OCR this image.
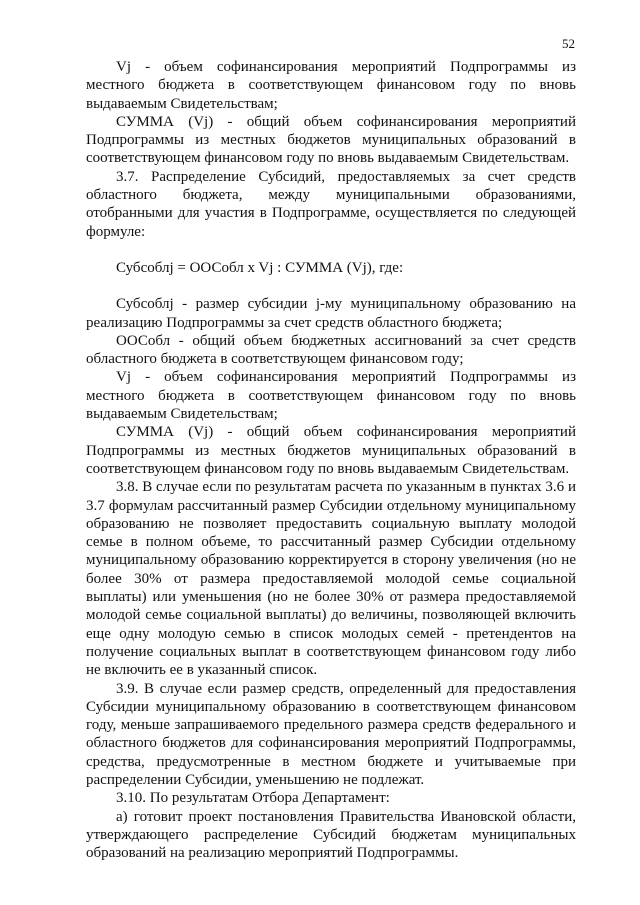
52

Vj - объем софинансирования мероприятий Подпрограммы из местного бюджета в соответствующем финансовом году по вновь выдаваемым Свидетельствам;

СУММА (Vj) - общий объем софинансирования мероприятий Подпрограммы из местных бюджетов муниципальных образований в соответствующем финансовом году по вновь выдаваемым Свидетельствам.

3.7. Распределение Субсидий, предоставляемых за счет средств областного бюджета, между муниципальными образованиями, отобранными для участия в Подпрограмме, осуществляется по следующей формуле:

Субсоблj = ООСобл x Vj : СУММА (Vj), где:

Субсоблj - размер субсидии j-му муниципальному образованию на реализацию Подпрограммы за счет средств областного бюджета;

ООСобл - общий объем бюджетных ассигнований за счет средств областного бюджета в соответствующем финансовом году;

Vj - объем софинансирования мероприятий Подпрограммы из местного бюджета в соответствующем финансовом году по вновь выдаваемым Свидетельствам;

СУММА (Vj) - общий объем софинансирования мероприятий Подпрограммы из местных бюджетов муниципальных образований в соответствующем финансовом году по вновь выдаваемым Свидетельствам.

3.8. В случае если по результатам расчета по указанным в пунктах 3.6 и 3.7 формулам рассчитанный размер Субсидии отдельному муниципальному образованию не позволяет предоставить социальную выплату молодой семье в полном объеме, то рассчитанный размер Субсидии отдельному муниципальному образованию корректируется в сторону увеличения (но не более 30% от размера предоставляемой молодой семье социальной выплаты) или уменьшения (но не более 30% от размера предоставляемой молодой семье социальной выплаты) до величины, позволяющей включить еще одну молодую семью в список молодых семей - претендентов на получение социальных выплат в соответствующем финансовом году либо не включить ее в указанный список.

3.9. В случае если размер средств, определенный для предоставления Субсидии муниципальному образованию в соответствующем финансовом году, меньше запрашиваемого предельного размера средств федерального и областного бюджетов для софинансирования мероприятий Подпрограммы, средства, предусмотренные в местном бюджете и учитываемые при распределении Субсидии, уменьшению не подлежат.

3.10. По результатам Отбора Департамент:

а) готовит проект постановления Правительства Ивановской области, утверждающего распределение Субсидий бюджетам муниципальных образований на реализацию мероприятий Подпрограммы.
